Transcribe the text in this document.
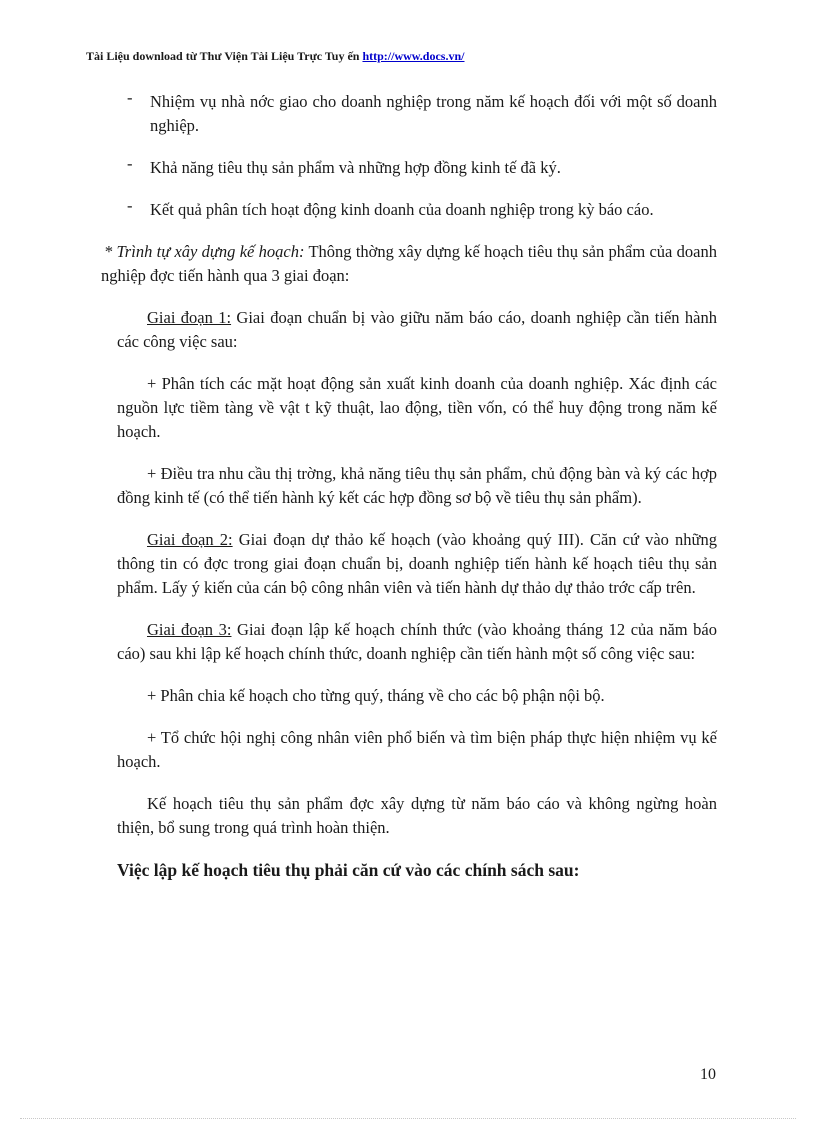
Tài Liệu download từ Thư Viện Tài Liệu Trực Tuy ến http://www.docs.vn/
- Nhiệm vụ nhà nớc giao cho doanh nghiệp trong năm kế hoạch đối với một số doanh nghiệp.
- Khả năng tiêu thụ sản phẩm và những hợp đồng kinh tế đã ký.
- Kết quả phân tích hoạt động kinh doanh của doanh nghiệp trong kỳ báo cáo.

* Trình tự xây dựng kế hoạch: Thông thờng xây dựng kế hoạch tiêu thụ sản phẩm của doanh nghiệp đợc tiến hành qua 3 giai đoạn:

Giai đoạn 1: Giai đoạn chuẩn bị vào giữu năm báo cáo, doanh nghiệp cần tiến hành các công việc sau:

+ Phân tích các mặt hoạt động sản xuất kinh doanh của doanh nghiệp. Xác định các nguồn lực tiềm tàng về vật t kỹ thuật, lao động, tiền vốn, có thể huy động trong năm kế hoạch.

+ Điều tra nhu cầu thị trờng, khả năng tiêu thụ sản phẩm, chủ động bàn và ký các hợp đồng kinh tế (có thể tiến hành ký kết các hợp đồng sơ bộ về tiêu thụ sản phẩm).

Giai đoạn 2: Giai đoạn dự thảo kế hoạch (vào khoảng quý III). Căn cứ vào những thông tin có đợc trong giai đoạn chuẩn bị, doanh nghiệp tiến hành kế hoạch tiêu thụ sản phẩm. Lấy ý kiến của cán bộ công nhân viên và tiến hành dự thảo dự thảo trớc cấp trên.

Giai đoạn 3: Giai đoạn lập kế hoạch chính thức (vào khoảng tháng 12 của năm báo cáo) sau khi lập kế hoạch chính thức, doanh nghiệp cần tiến hành một số công việc sau:

+ Phân chia kế hoạch cho từng quý, tháng về cho các bộ phận nội bộ.

+ Tổ chức hội nghị công nhân viên phổ biến và tìm biện pháp thực hiện nhiệm vụ kế hoạch.

Kế hoạch tiêu thụ sản phẩm đợc xây dựng từ năm báo cáo và không ngừng hoàn thiện, bổ sung trong quá trình hoàn thiện.

Việc lập kế hoạch tiêu thụ phải căn cứ vào các chính sách sau:

10
